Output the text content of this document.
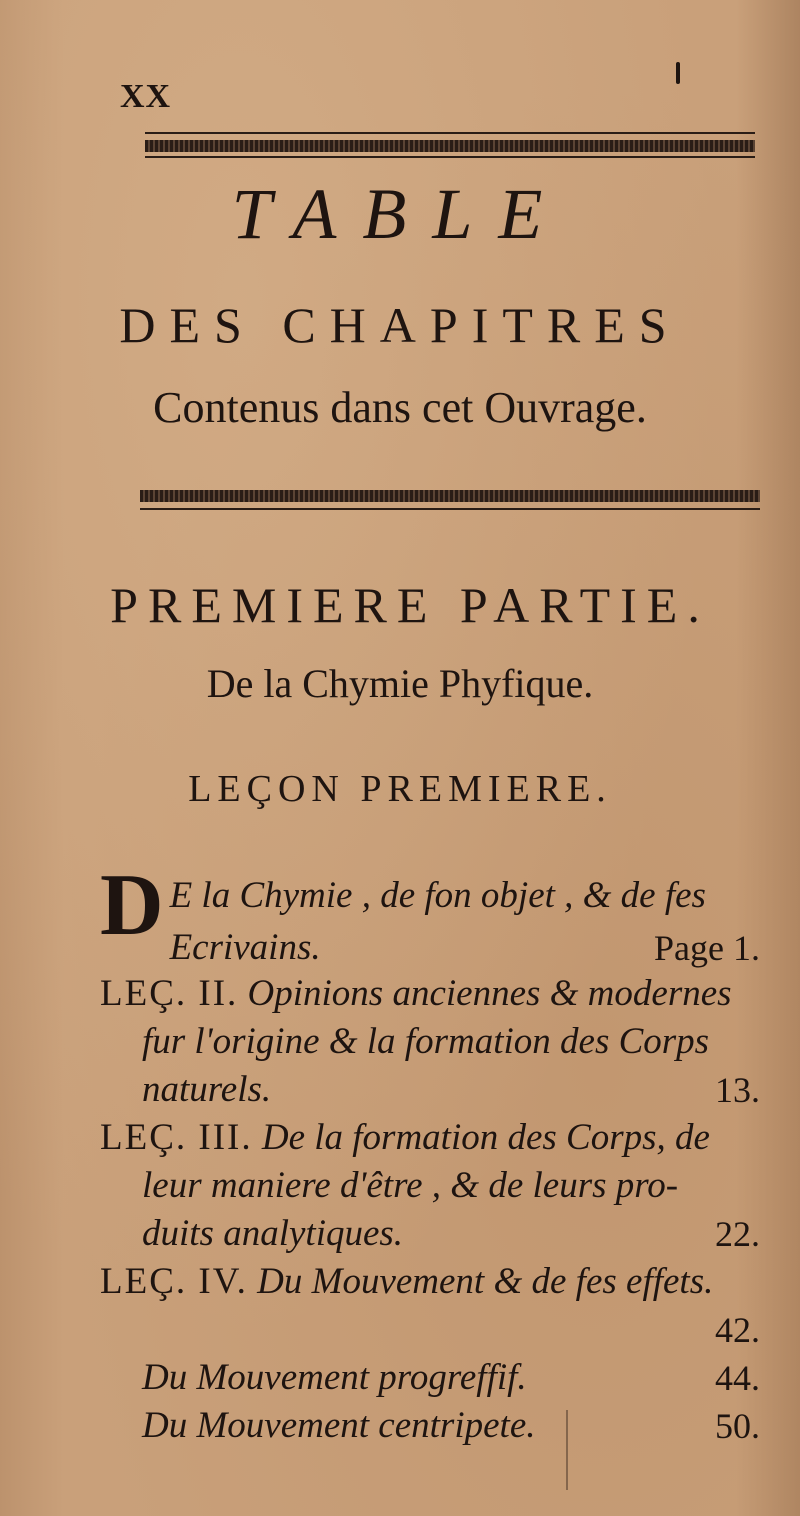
XX
TABLE
DES CHAPITRES
Contenus dans cet Ouvrage.
PREMIERE PARTIE.
De la Chymie Phyfique.
LEÇON PREMIERE.
D E la Chymie , de fon objet , & de fes
Ecrivains.	Page 1.
LEÇ. II. Opinions anciennes & modernes
fur l'origine & la formation des Corps
naturels.	13.
LEÇ. III. De la formation des Corps, de
leur maniere d'être , & de leurs pro-
duits analytiques.	22.
LEÇ. IV. Du Mouvement & de fes effets.
42.
Du Mouvement progreffif.	44.
Du Mouvement centripete.	50.
